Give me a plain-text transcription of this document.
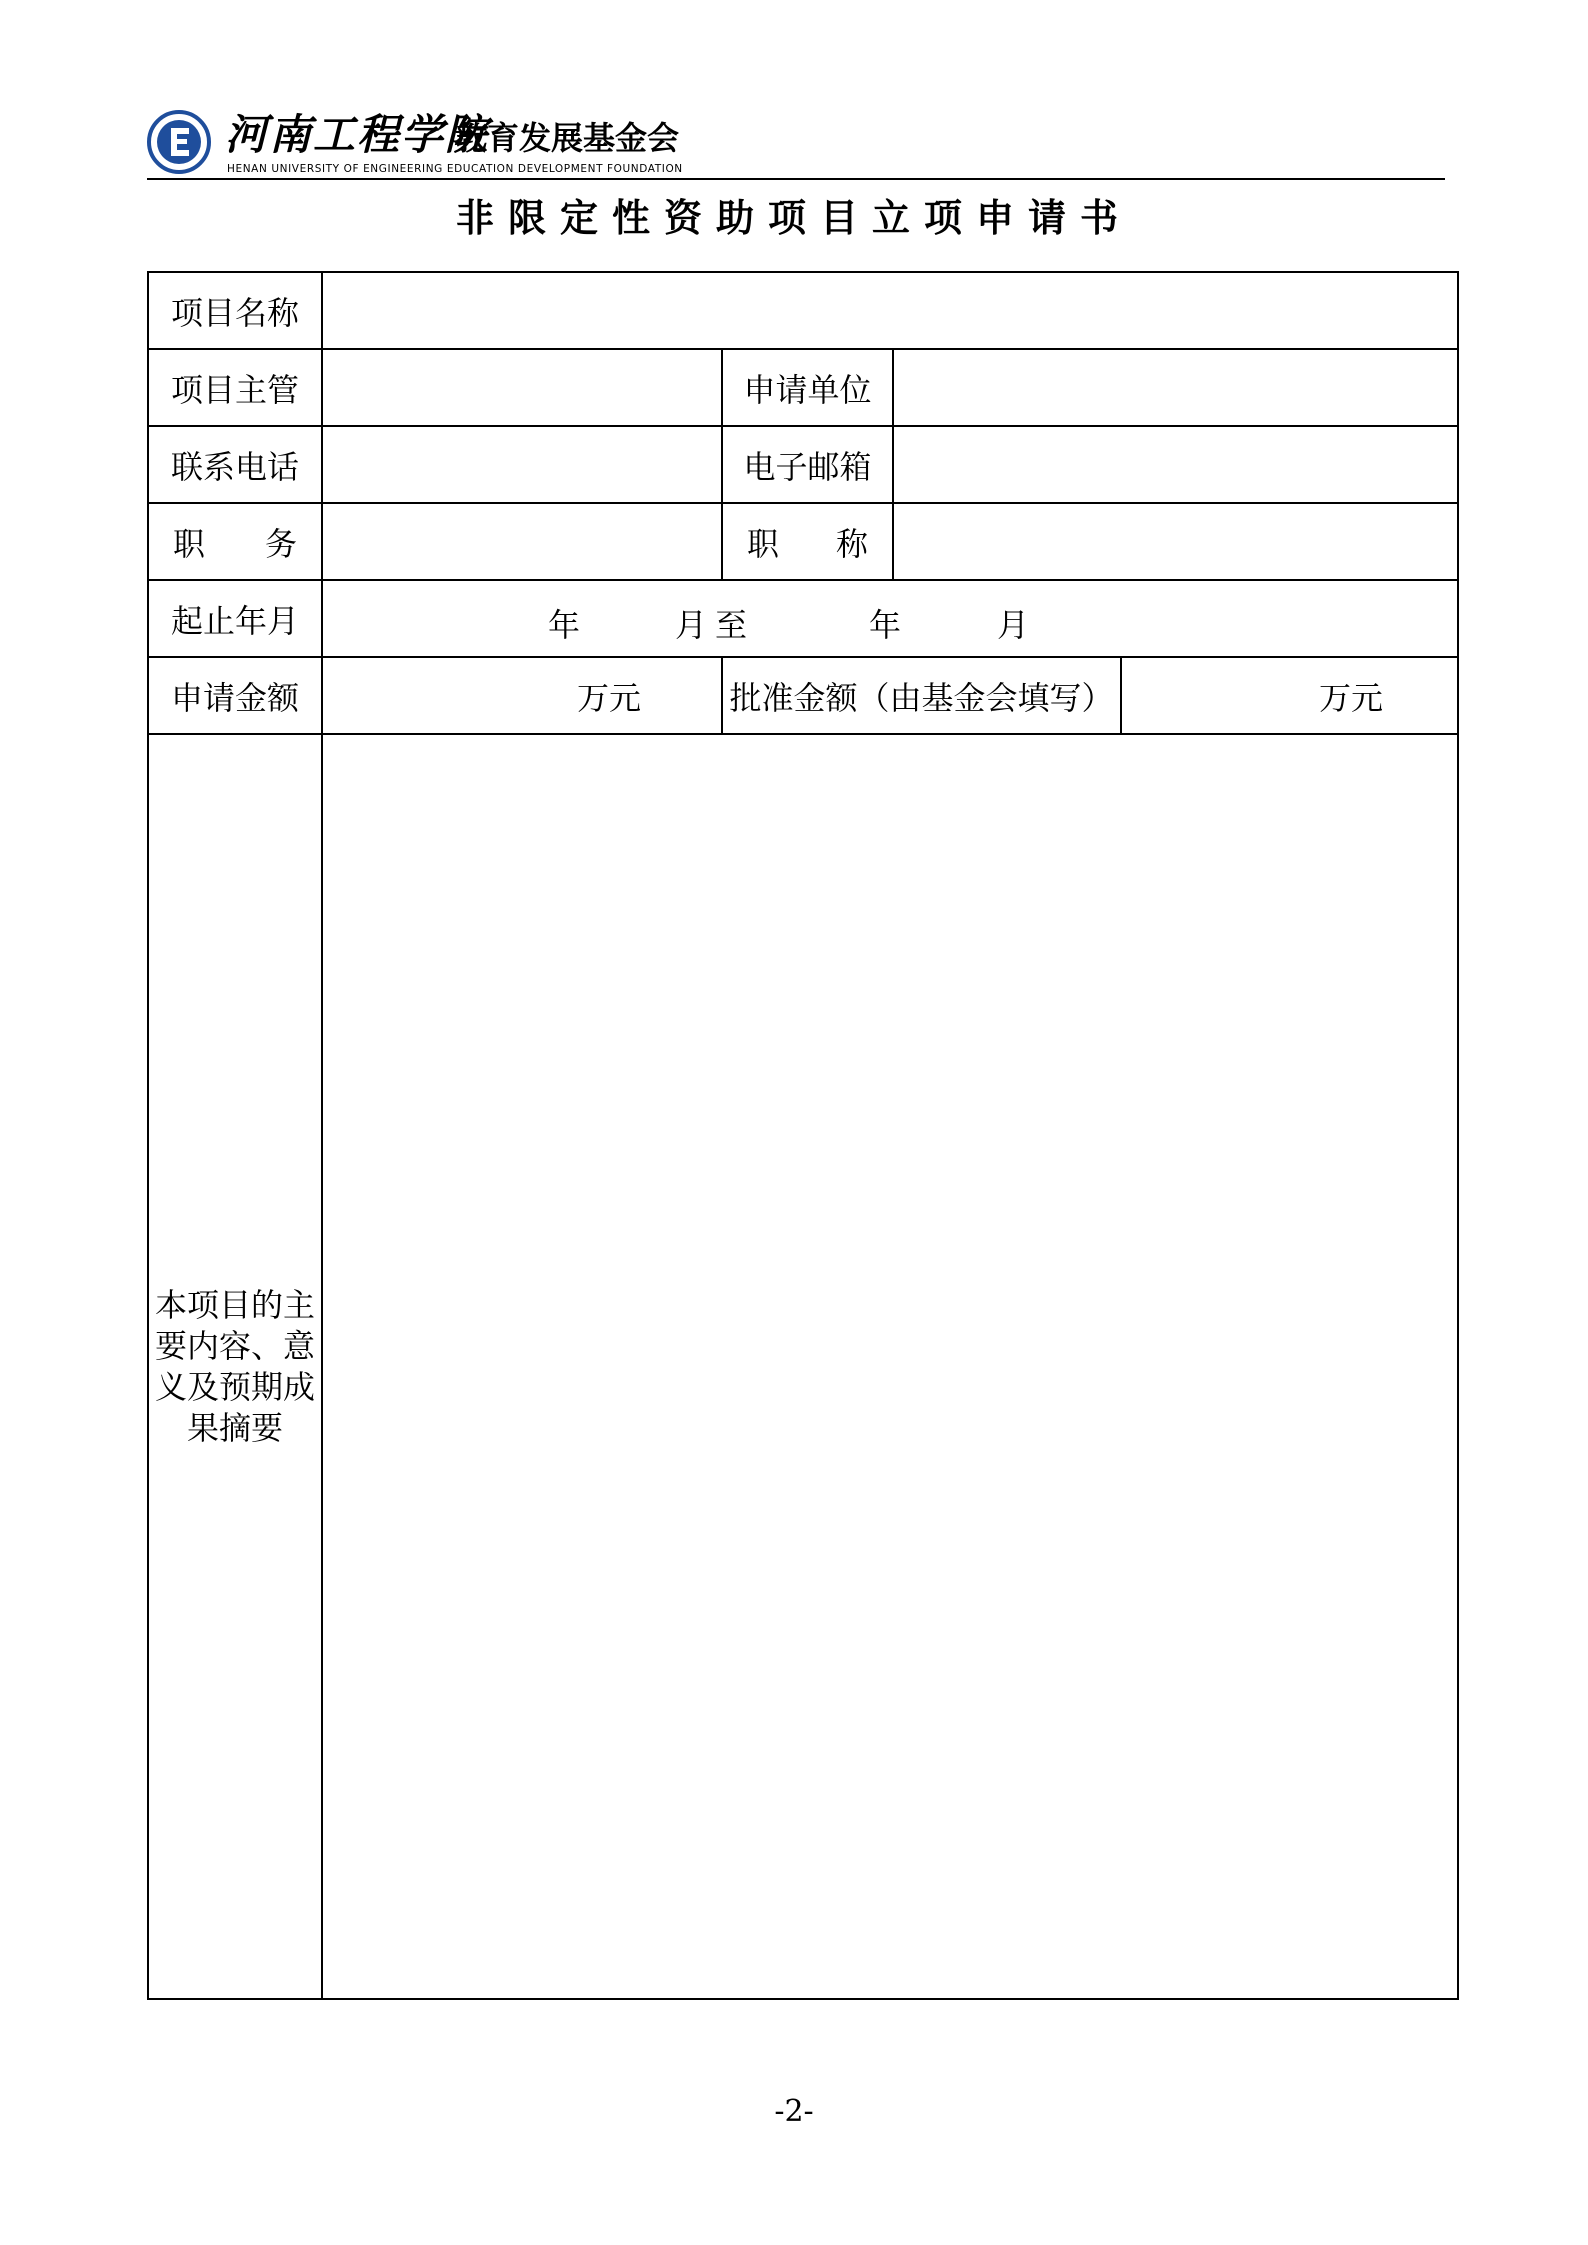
河南工程学院
教育发展基金会
HENAN UNIVERSITY OF ENGINEERING EDUCATION DEVELOPMENT FOUNDATION
非限定性资助项目立项申请书
项目名称				
项目主管		申请单位		
联系电话		电子邮箱		

职 务		职 称		

起止年月	年 月 至 年 月			

申请金额	万元	批准金额（由基金会填写）		万元
本项目的主要内容、意义及预期成果摘要				
-2-
